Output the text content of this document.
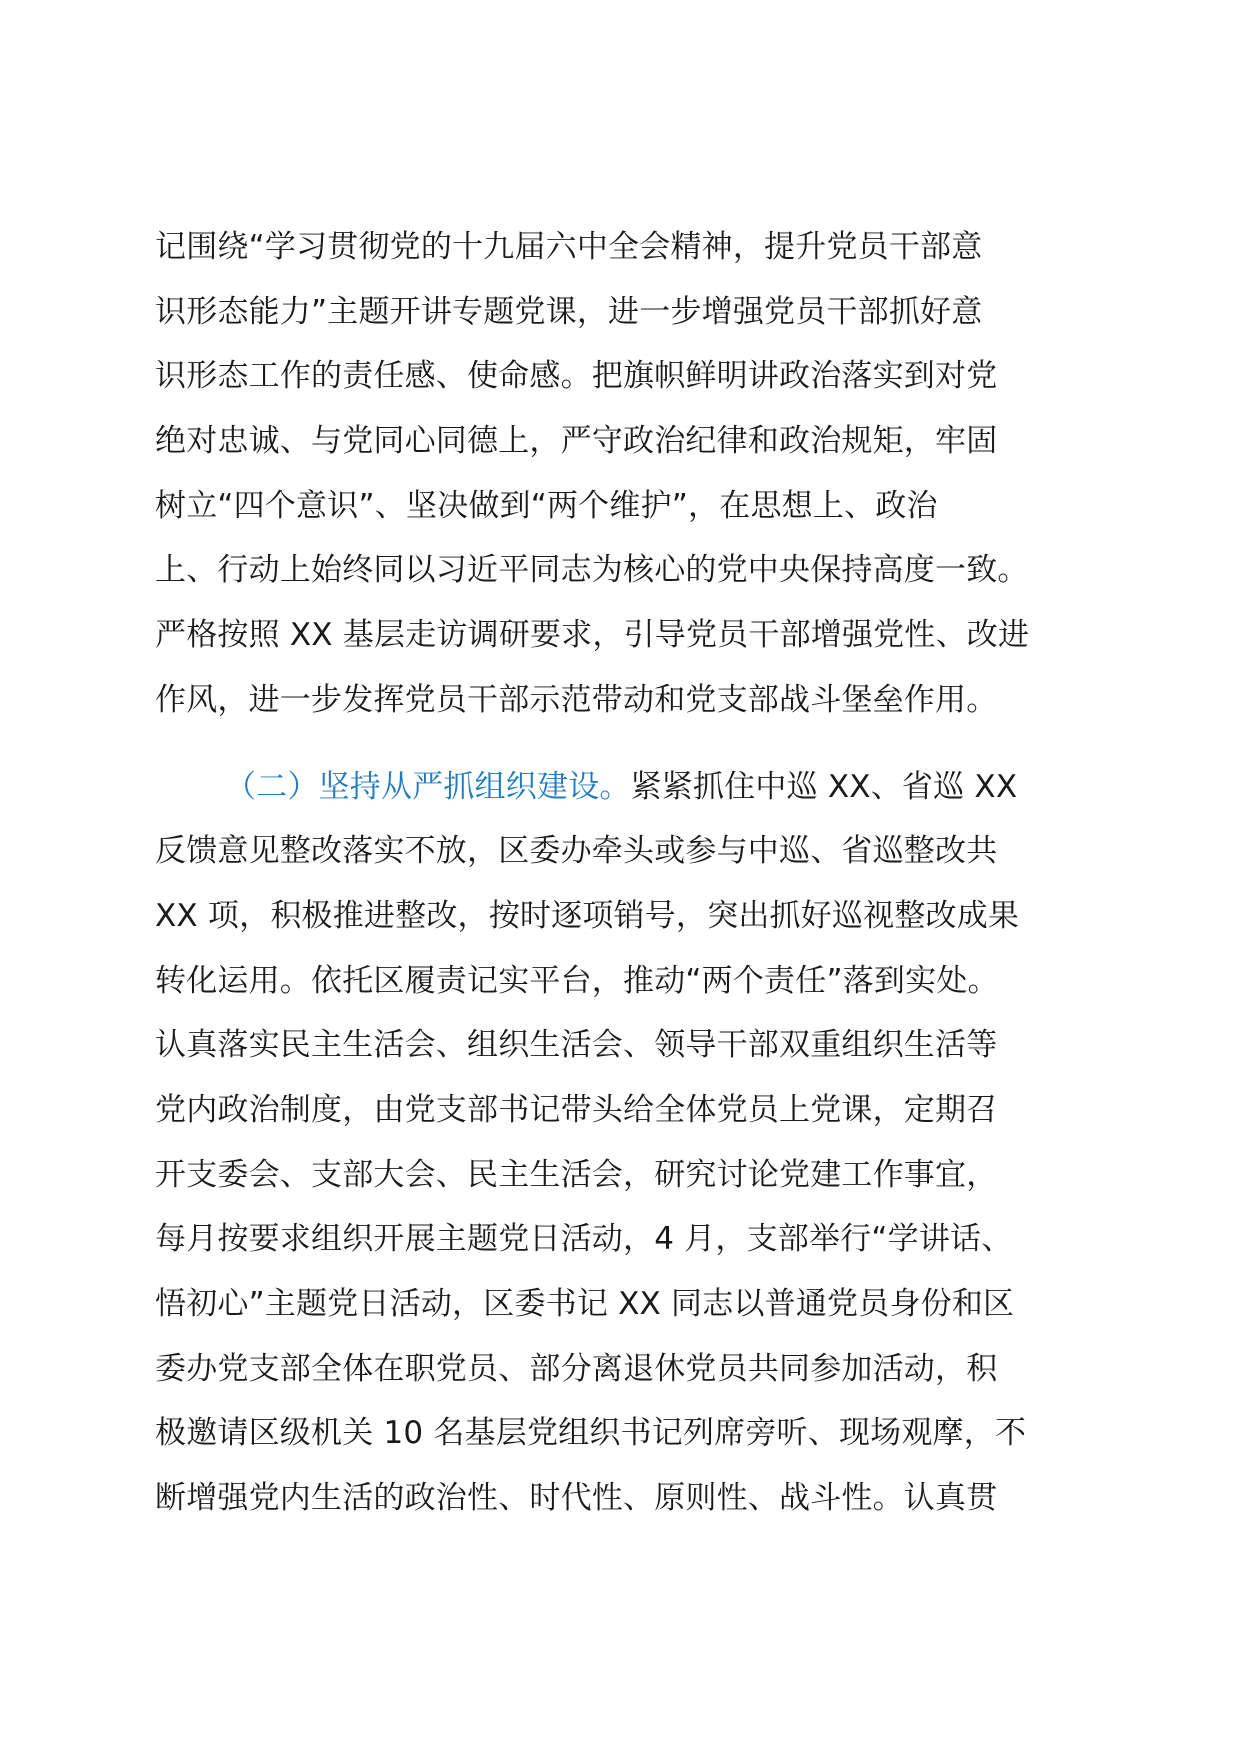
记围绕“学习贯彻党的十九届六中全会精神，提升党员干部意
识形态能力”主题开讲专题党课，进一步增强党员干部抓好意
识形态工作的责任感、使命感。把旗帜鲜明讲政治落实到对党
绝对忠诚、与党同心同德上，严守政治纪律和政治规矩，牢固
树立“四个意识”、坚决做到“两个维护”，在思想上、政治
上、行动上始终同以习近平同志为核心的党中央保持高度一致。
严格按照 XX 基层走访调研要求，引导党员干部增强党性、改进
作风，进一步发挥党员干部示范带动和党支部战斗堡垒作用。
（二）坚持从严抓组织建设。紧紧抓住中巡 XX、省巡 XX
反馈意见整改落实不放，区委办牵头或参与中巡、省巡整改共
XX 项，积极推进整改，按时逐项销号，突出抓好巡视整改成果
转化运用。依托区履责记实平台，推动“两个责任”落到实处。
认真落实民主生活会、组织生活会、领导干部双重组织生活等
党内政治制度，由党支部书记带头给全体党员上党课，定期召
开支委会、支部大会、民主生活会，研究讨论党建工作事宜，
每月按要求组织开展主题党日活动，4 月，支部举行“学讲话、
悟初心”主题党日活动，区委书记 XX 同志以普通党员身份和区
委办党支部全体在职党员、部分离退休党员共同参加活动，积
极邀请区级机关 10 名基层党组织书记列席旁听、现场观摩，不
断增强党内生活的政治性、时代性、原则性、战斗性。认真贯
